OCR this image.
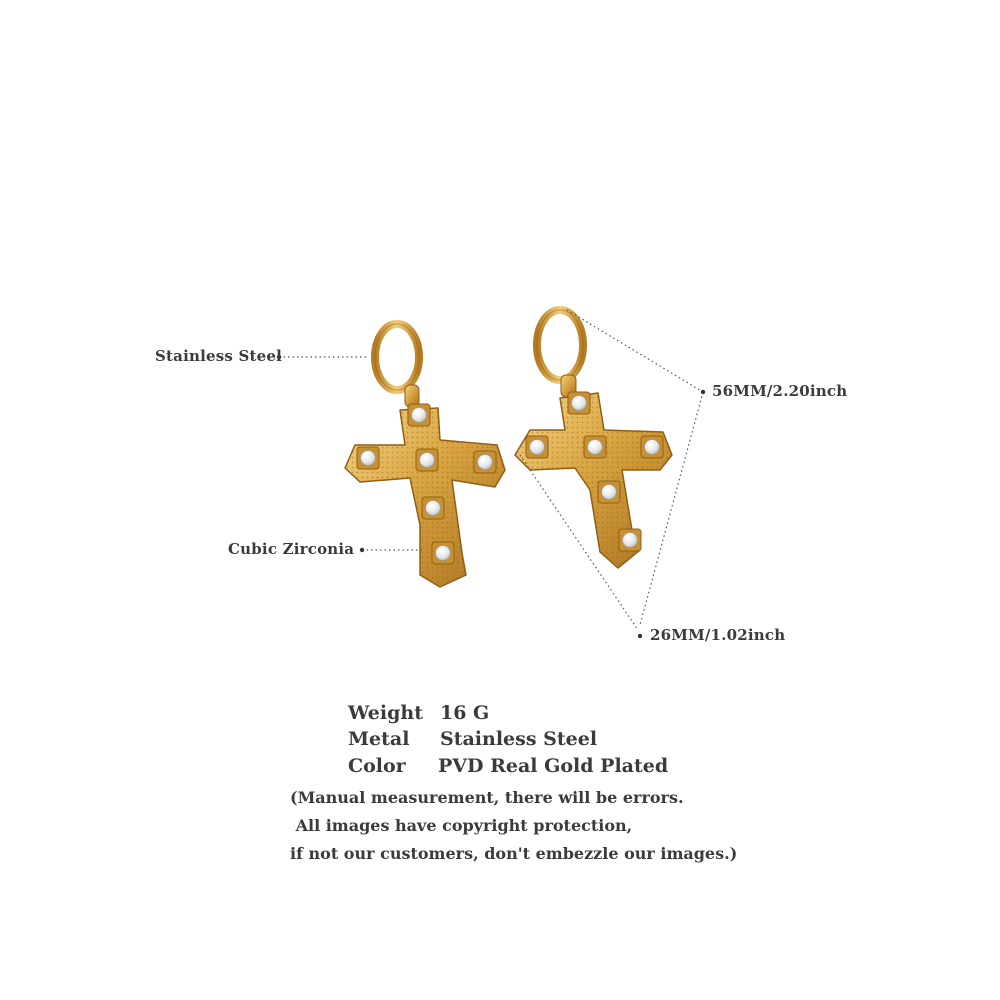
Stainless Steel
Cubic Zirconia
56MM/2.20inch
26MM/1.02inch
Weight 16 G
Metal Stainless Steel
Color PVD Real Gold Plated
(Manual measurement, there will be errors.
All images have copyright protection,
if not our customers, don't embezzle our images.)
